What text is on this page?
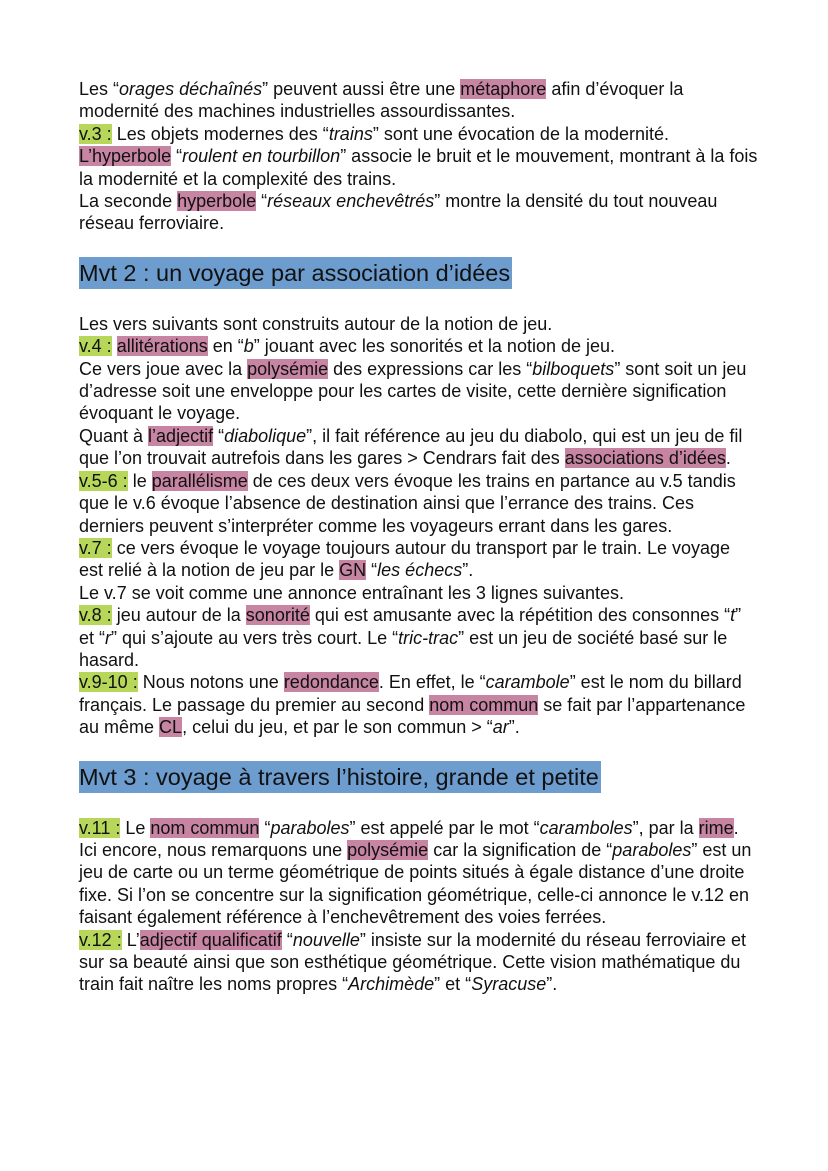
Les “orages déchaînés” peuvent aussi être une métaphore afin d’évoquer la modernité des machines industrielles assourdissantes.

v.3 : Les objets modernes des “trains” sont une évocation de la modernité.

L’hyperbole “roulent en tourbillon” associe le bruit et le mouvement, montrant à la fois la modernité et la complexité des trains.

La seconde hyperbole “réseaux enchevêtrés” montre la densité du tout nouveau réseau ferroviaire.

Mvt 2 : un voyage par association d’idées

Les vers suivants sont construits autour de la notion de jeu.

v.4 : allitérations en “b” jouant avec les sonorités et la notion de jeu.

Ce vers joue avec la polysémie des expressions car les “bilboquets” sont soit un jeu d’adresse soit une enveloppe pour les cartes de visite, cette dernière signification évoquant le voyage.

Quant à l’adjectif “diabolique”, il fait référence au jeu du diabolo, qui est un jeu de fil que l’on trouvait autrefois dans les gares > Cendrars fait des associations d’idées.

v.5-6 : le parallélisme de ces deux vers évoque les trains en partance au v.5 tandis que le v.6 évoque l’absence de destination ainsi que l’errance des trains. Ces derniers peuvent s’interpréter comme les voyageurs errant dans les gares.

v.7 : ce vers évoque le voyage toujours autour du transport par le train. Le voyage est relié à la notion de jeu par le GN “les échecs”.

Le v.7 se voit comme une annonce entraînant les 3 lignes suivantes.

v.8 : jeu autour de la sonorité qui est amusante avec la répétition des consonnes “t” et “r” qui s’ajoute au vers très court. Le “tric-trac” est un jeu de société basé sur le hasard.

v.9-10 : Nous notons une redondance. En effet, le “carambole” est le nom du billard français. Le passage du premier au second nom commun se fait par l’appartenance au même CL, celui du jeu, et par le son commun > “ar”.

Mvt 3 : voyage à travers l’histoire, grande et petite

v.11 : Le nom commun “paraboles” est appelé par le mot “caramboles”, par la rime. Ici encore, nous remarquons une polysémie car la signification de “paraboles” est un jeu de carte ou un terme géométrique de points situés à égale distance d’une droite fixe. Si l’on se concentre sur la signification géométrique, celle-ci annonce le v.12 en faisant également référence à l’enchevêtrement des voies ferrées.

v.12 : L’adjectif qualificatif “nouvelle” insiste sur la modernité du réseau ferroviaire et sur sa beauté ainsi que son esthétique géométrique. Cette vision mathématique du train fait naître les noms propres “Archimède” et “Syracuse”.
